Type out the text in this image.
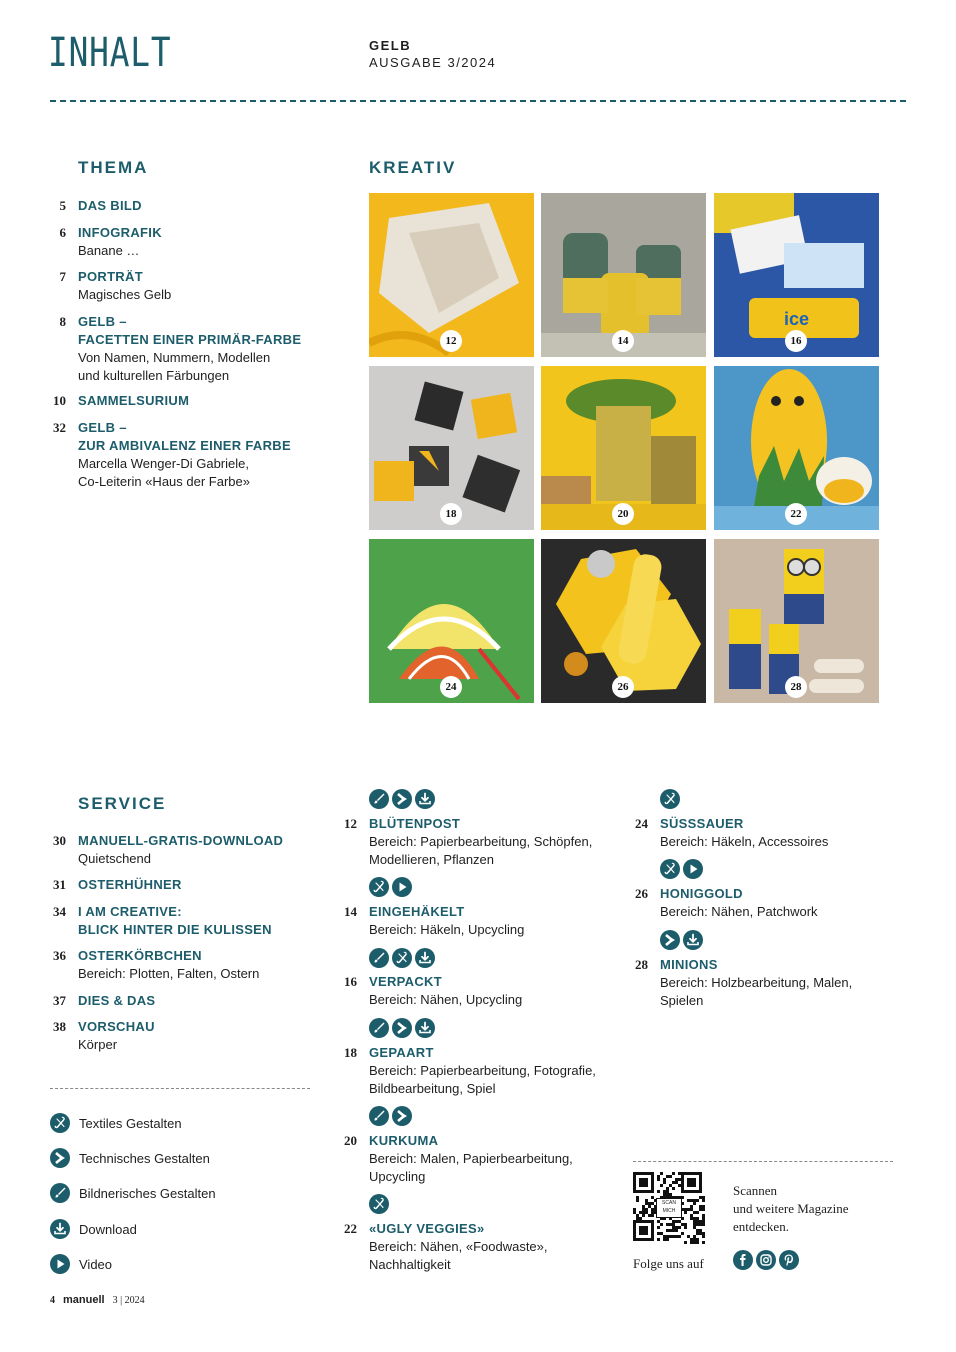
INHALT	GELB
AUSGABE 3/2024
THEMA
5 DAS BILD
6 INFOGRAFIK
Banane …
7 PORTRÄT
Magisches Gelb
8 GELB –
FACETTEN EINER PRIMÄR-FARBE
Von Namen, Nummern, Modellen
und kulturellen Färbungen
10 SAMMELSURIUM
32 GELB –
ZUR AMBIVALENZ EINER FARBE
Marcella Wenger-Di Gabriele,
Co-Leiterin «Haus der Farbe»
KREATIV
12	14
ice
16
18	20	22
24	26	28
SERVICE
30 MANUELL-GRATIS-DOWNLOAD
Quietschend
31 OSTERHÜHNER
34 I AM CREATIVE:
BLICK HINTER DIE KULISSEN
36 OSTERKÖRBCHEN
Bereich: Plotten, Falten, Ostern
37 DIES & DAS
38 VORSCHAU
Körper
12 BLÜTENPOST
Bereich: Papierbearbeitung, Schöpfen,
Modellieren, Pflanzen
14 EINGEHÄKELT
Bereich: Häkeln, Upcycling
16 VERPACKT
Bereich: Nähen, Upcycling
18 GEPAART
Bereich: Papierbearbeitung, Fotografie,
Bildbearbeitung, Spiel
20 KURKUMA
Bereich: Malen, Papierbearbeitung,
Upcycling
22 «UGLY VEGGIES»
Bereich: Nähen, «Foodwaste»,
Nachhaltigkeit
24 SÜSSSAUER
Bereich: Häkeln, Accessoires
26 HONIGGOLD
Bereich: Nähen, Patchwork
28 MINIONS
Bereich: Holzbearbeitung, Malen,
Spielen
Textiles Gestalten
Technisches Gestalten
Bildnerisches Gestalten
Download
Video
SCAN MICH
Scannen
und weitere Magazine
entdecken.
Folge uns auf
4 manuell 3 | 2024
